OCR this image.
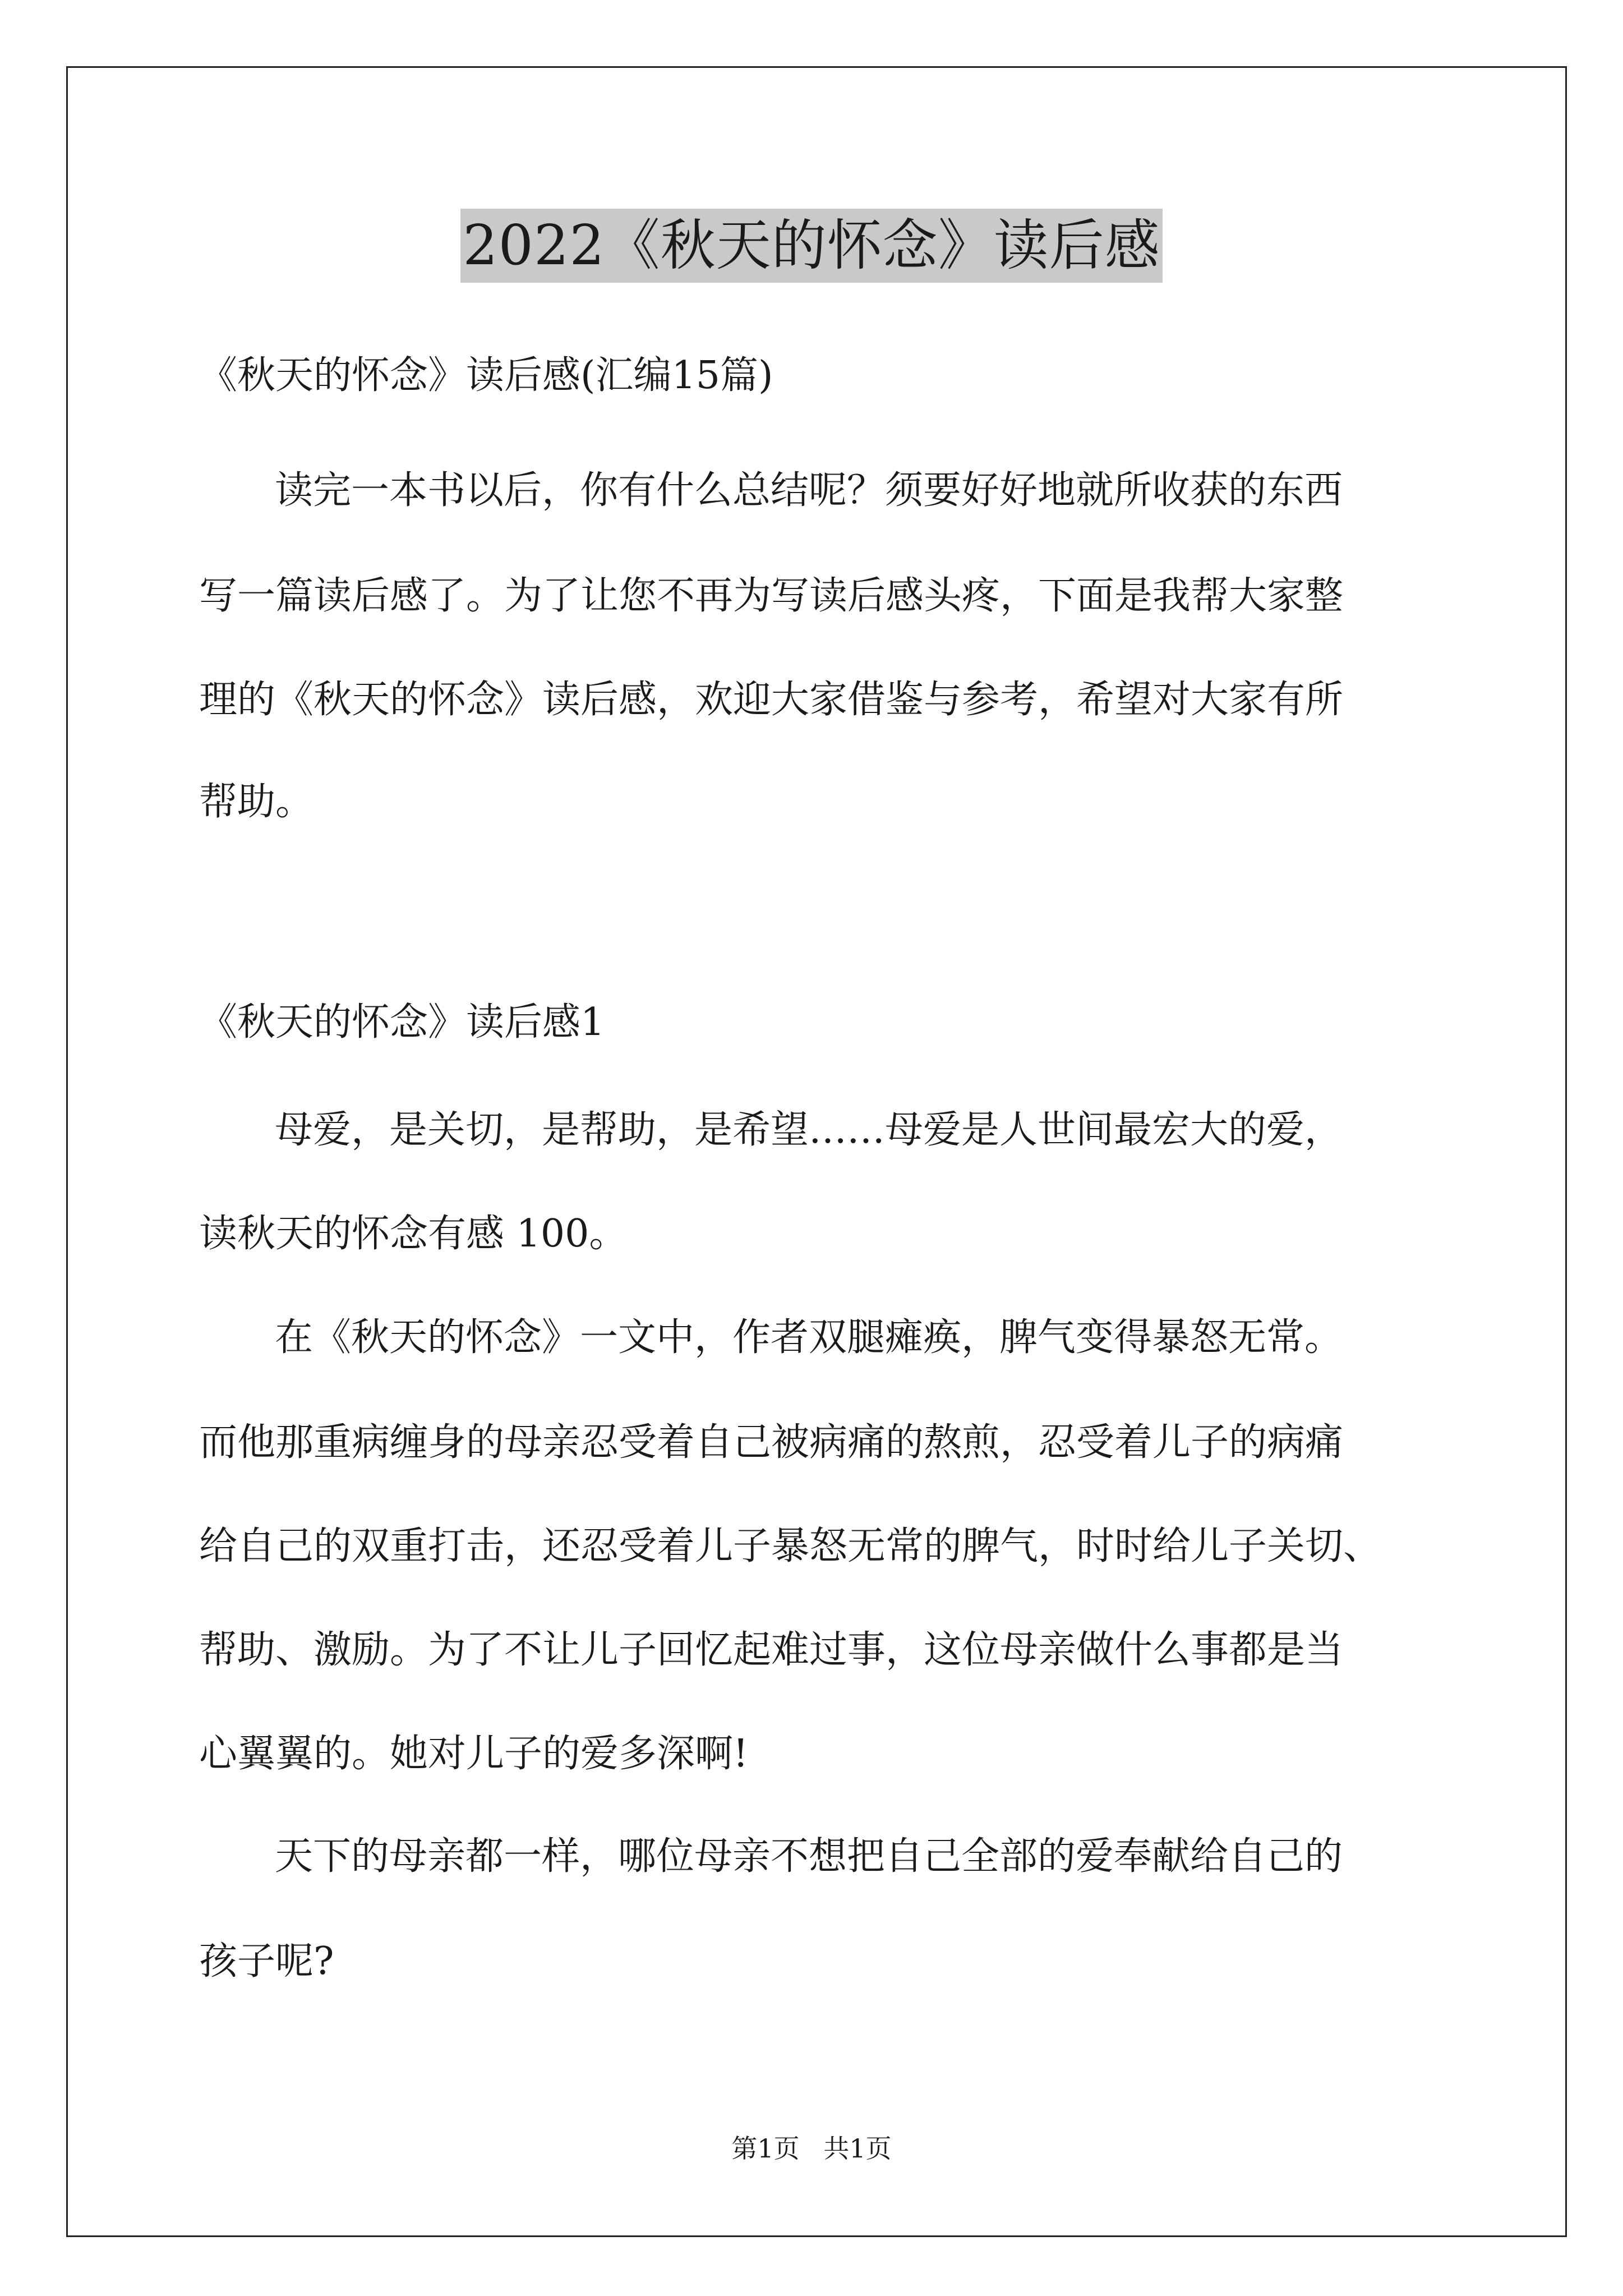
2022《秋天的怀念》读后感
《秋天的怀念》读后感(汇编15篇)
读完一本书以后，你有什么总结呢？须要好好地就所收获的东西
写一篇读后感了。为了让您不再为写读后感头疼，下面是我帮大家整
理的《秋天的怀念》读后感，欢迎大家借鉴与参考，希望对大家有所
帮助。
《秋天的怀念》读后感1
母爱，是关切，是帮助，是希望……母爱是人世间最宏大的爱，
读秋天的怀念有感 100。
在《秋天的怀念》一文中，作者双腿瘫痪，脾气变得暴怒无常。
而他那重病缠身的母亲忍受着自己被病痛的熬煎，忍受着儿子的病痛
给自己的双重打击，还忍受着儿子暴怒无常的脾气，时时给儿子关切、
帮助、激励。为了不让儿子回忆起难过事，这位母亲做什么事都是当
心翼翼的。她对儿子的爱多深啊!
天下的母亲都一样，哪位母亲不想把自己全部的爱奉献给自己的
孩子呢?
第1页 共1页
